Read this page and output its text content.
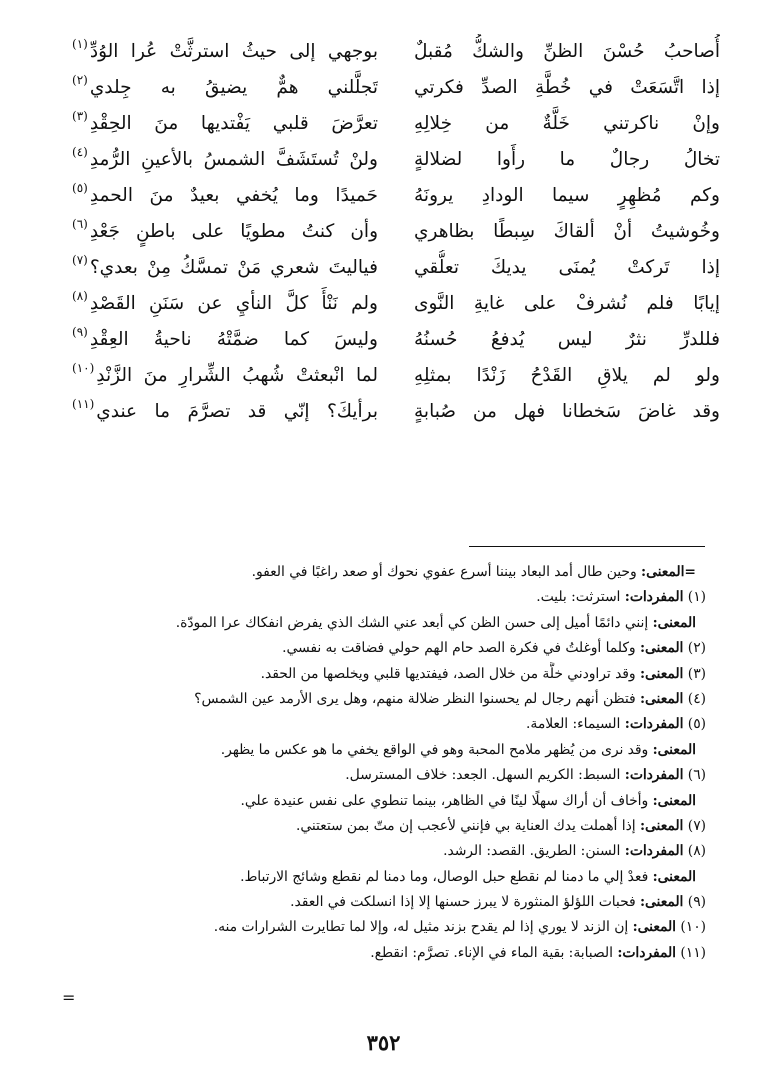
أُصاحبُ حُسْنَ الظنِّ والشكُّ مُقبلٌ
بوجهي إلى حيثُ استرثَّتْ عُرا الوُدِّ
(١)
إذا اتَّسَعَتْ في خُطَّةِ الصدِّ فكرتي
تَجلَّلني همٌّ يضيقُ به جِلدي
(٢)
وإنْ ناكرتني خَلَّةٌ من خِلالِهِ
تعرَّضَ قلبي يَفْتديها منَ الحِقْدِ
(٣)
تخالُ رجالٌ ما رأَوا لضلالةٍ
ولنْ تُستَشَفَّ الشمسُ بالأعينِ الرُّمدِ
(٤)
وكم مُظهِرٍ سيما الودادِ يرونَهُ
حَميدًا وما يُخفي بعيدٌ منَ الحمدِ
(٥)
وخُوشيتُ أنْ ألقاكَ سِبطًا بظاهري
وأن كنتُ مطويًا على باطنٍ جَعْدِ
(٦)
إذا تَركتْ يُمنَى يديكَ تعلُّقي
فياليتَ شعري مَنْ تمسَّكُ مِنْ بعدي؟
(٧)
إيابًا فلم نُشرفْ على غايةِ النَّوى
ولم نَنْأَ كلَّ النأيِ عن سَنَنِ القَصْدِ
(٨)
فللدرِّ نثرٌ ليس يُدفعُ حُسنُهُ
وليسَ كما ضمَّتْهُ ناحيةُ العِقْدِ
(٩)
ولو لم يلاقِ القَدْحُ زَنْدًا بمثلِهِ
لما انْبعثتْ شُهبُ الشِّرارِ منَ الزَّنْدِ
(١٠)
وقد غاضَ سَخطانا فهل من صُبابةٍ
برأيكَ؟ إنّي قد تصرَّمَ ما عندي
(١١)
=المعنى: وحين طال أمد البعاد بيننا أسرع عفوي نحوك أو صعد راغبًا في العفو.
(١) المفردات: استرثت: بليت.
المعنى: إنني دائمًا أميل إلى حسن الظن كي أبعد عني الشك الذي يفرض انفكاك عرا المودّة.
(٢) المعنى: وكلما أوغلتُ في فكرة الصد حام الهم حولي فضاقت به نفسي.
(٣) المعنى: وقد تراودني خلَّة من خلال الصد، فيفتديها قلبي ويخلصها من الحقد.
(٤) المعنى: فتظن أنهم رجال لم يحسنوا النظر ضلالة منهم، وهل يرى الأرمد عين الشمس؟
(٥) المفردات: السيماء: العلامة.
المعنى: وقد نرى من يُظهر ملامح المحبة وهو في الواقع يخفي ما هو عكس ما يظهر.
(٦) المفردات: السبط: الكريم السهل. الجعد: خلاف المسترسل.
المعنى: وأخاف أن أراك سهلًا لينًا في الظاهر، بينما تنطوي على نفس عنيدة علي.
(٧) المعنى: إذا أهملت يدك العناية بي فإنني لأعجب إن متّ بمن ستعتني.
(٨) المفردات: السنن: الطريق. القصد: الرشد.
المعنى: فعدْ إلي ما دمنا لم نقطع حبل الوصال، وما دمنا لم نقطع وشائج الارتباط.
(٩) المعنى: فحبات اللؤلؤ المنثورة لا يبرز حسنها إلا إذا انسلكت في العقد.
(١٠) المعنى: إن الزند لا يوري إذا لم يقدح بزند مثيل له، وإلا لما تطايرت الشرارات منه.
(١١) المفردات: الصبابة: بقية الماء في الإناء. تصرَّم: انقطع.
=
٣٥٢
